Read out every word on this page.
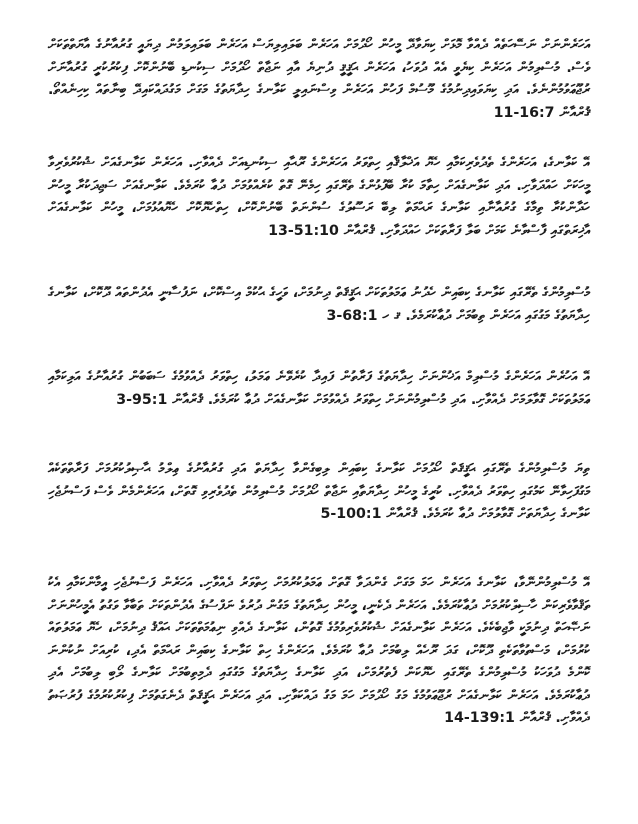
އަހަރެންނަށް ނަސޭހަތެއް ދެއްވާ މޮޅަށް ކިޔަވާދޭ މީހުން ހޯދުމަށް އަހަރެން ބަލައިލިޔަސް އަހަރެން ބަލައިލަމުން ދިޔައީ ގުރުއާނުގެ އާޔަތްތަކަށް ވެސް. މުސްލިމުން އަހަރެން ކިޔެވީ އެއް ދުވަހު، އަހަރެން ޙަޤީޤީ ދުނިޔެ އާއި ނަޖާތް ހޯދުމަށް ސިކުނޑި ބޭނުންކޮށް ފިކުރުކުރީ ގުރުއާނަށް ރުޖޫޢަވުމުންނެވެ. އަދި ކިޔަވައިދިނުމުގެ މޫސުމް ފަހުން އަހަރެން ވިސްނައިލީ ކަލާނގެ ހިދާޔަތުގެ މަގަށް މަގުދައްކައިދޭ ބިނާތައް ކިހިނެއްތޯ. ޤުރްއާން 11-16:7

އޭ ކަލާނގެ، އަހަރެންގެ ތެދުވެރިކަމާއި ހެޔޮ އަޚްލާޤާއި ހިތްވަރު އަހަރެންގެ ރޫޙާއި ސިކުނޑިއަށް ދެއްވާށި. އަހަރެން ކަލާނގެއަށް ޝުކުރުވެރިވާ މީހަކަށް ހައްދަވާށި. އަދި ކަލާނގެއަށް ހިތާމަ ކުރާ ބޭފުޅުންގެ ތެރޭގައި ހިމެނޭ ގޮތް ކުރެއްވުމަށް ދުޢާ ކުރަމެވެ. ކަލާނގެއަށް ސަޖިދަކުރާ މީހުން ހަދާންކުރާ ތިމާގެ ގުރުއާނާއި ކަލާނގެ ރަޙްމަތް ލިބޭ ރަސޫލުގެ ސުންނަތް ބޭނުންކޮށް، ހިތްހެޔޮކޮށް ހެޔޮއުޅުމަށް، މީހުން ކަލާނގެއަށް އާޚިރަތްގައި ފާސްވާނެ ކަމަށް ބަލާ ފަރާތަކަށް ހައްދަވާށި. ޤުރްއާން 13-51:10

މުސްލިމުންގެ ތެރޭގައި ކަލާނގެ ކިބައިން ހެދުނު ޢަމަލުތަކަށް ޙަޤީޤަތް ދިނުމަށް، ވަހީގެ ޙުކުމް އިސްކޮށް، ނަފުސާނީ އެދުންތައް ދޫކޮށް، ކަލާނގެ ހިދާޔަތުގެ މަގުގައި އަހަރެން ތިބުމަށް ދުޢާކުރަމެވެ. ޤ ހ 3-68:1

އޭ އަހުރެން އަހަރެންގެ މުސްލިމް އަޚުންނަށް ހިދާޔަތުގެ ފަރާތުން ފައިދާ ކުރެވޭނެ ޢަމަލު، ހިތްވަރު ދެއްވުމުގެ ސަބަބުން ގުރުއާނުގެ އަލިކަމާއި ޢަމަލުތަކަށް ގޮވާލަމަށް ދެއްވާށި. އަދި މުސްލިމުންނަށް ހިތްވަރު ދެއްވުމަށް ކަލާނގެއަށް ދުޢާ ކުރަމެވެ. ޤުރްއާން 3-95:1

ތިޔަ މުސްލިމުންގެ ތެރޭގައި ޙަޤީޤަތް ހޯދުމަށް ކަލާނގެ ކިބައިން ލިބިގެންވާ ހިދާޔަތް އަދި ގުރުއާނުގެ ޢިލްމު ޙާޞިލުކުރުމަށް ފަރާތްތަކެއް މަގުފަހިވާނޭ ކަމުގައި ހިތްވަރު ދެއްވާށި. ކުރީގެ މީހުން ހިދާޔަތާއި ނަޖާތް ހޯދުމަށް މުސްލިމުން ތެދުވެރިވި ގޮތަށް، އަހަރެންމެން ވެސް ފަސްނުޖެހި ކަލާނގެ ހިދާޔަތަށް ގޮވާލުމަށް ދުޢާ ކުރަމެވެ. ޤުރްއާން 5-100:1

އޭ މުސްލިމުންނޭވާ، ކަލާނގެ އަހަރެން ހަމަ މަގަށް ގެންދަވާ ގޮތަށް ޢަމަލުކުރުމަށް ހިތްވަރު ދެއްވާށި. އަހަރެން ފަސްނުޖެހި އީމާންކަމާއި އެކު ތަޤްވާވެރިކަން ހާސިލްކުރުމަށް ދުޢާކުރަމެވެ. އަހަރެން ދެކެނީ، މީހުން ހިދާޔަތުގެ މަގުން ދުރުވެ ނަފްސުގެ އެދުންތަކަށް ތަބާވާ ވަގުތު އެމީހުންނަށް ނަޞޭހަތް ދިނުމަކީ ވާޖިބެކެވެ. އަހަރެން ކަލާނގެއަށް ޝުކުރުވެރިވުމުގެ ގޮތުން، ކަލާނގެ ދެއްވި ނިޢުމަތްތަކަށް ޙައްޤު ދިނުމަށް، ހެޔޮ ޢަމަލުތައް ކުރުމަށް، މަސްތުވާތަކެތި ދޫކޮށް، ގަދަ ރޫހެއް ލިބުމަށް ދުޢާ ކުރަމެވެ. އަހަރެންގެ ހިތް ކަލާނގެ ކިބައިން ރަޙްމަތް އެދި، ކުރިއަށް ނުކުންނަ ކޮންމެ ދުވަހަކު މުސްލިމުންގެ ތެރޭގައި ހެޔޮކަން ފެތުރުމަށް، އަދި ކަލާނގެ ހިދާޔަތުގެ މަގުގައި ދެމިތިބުމަށް ކަލާނގެ ލޯބި ލިބުމަށް އެދި ދުޢާކުރަމެވެ. އަހަރެން ކަލާނގެއަށް ރުޖޫޢަވުމުގެ މަގު ހޯދުމަށް ހަމަ މަގު ދައްކަވާށި. އަދި އަހަރެން ޙަޤީޤަތް ދެނެގަތުމަށް ފިކުރުކުރުމުގެ ފުރުޞަތު ދެއްވާށި. ޤުރްއާން 14-139:1
